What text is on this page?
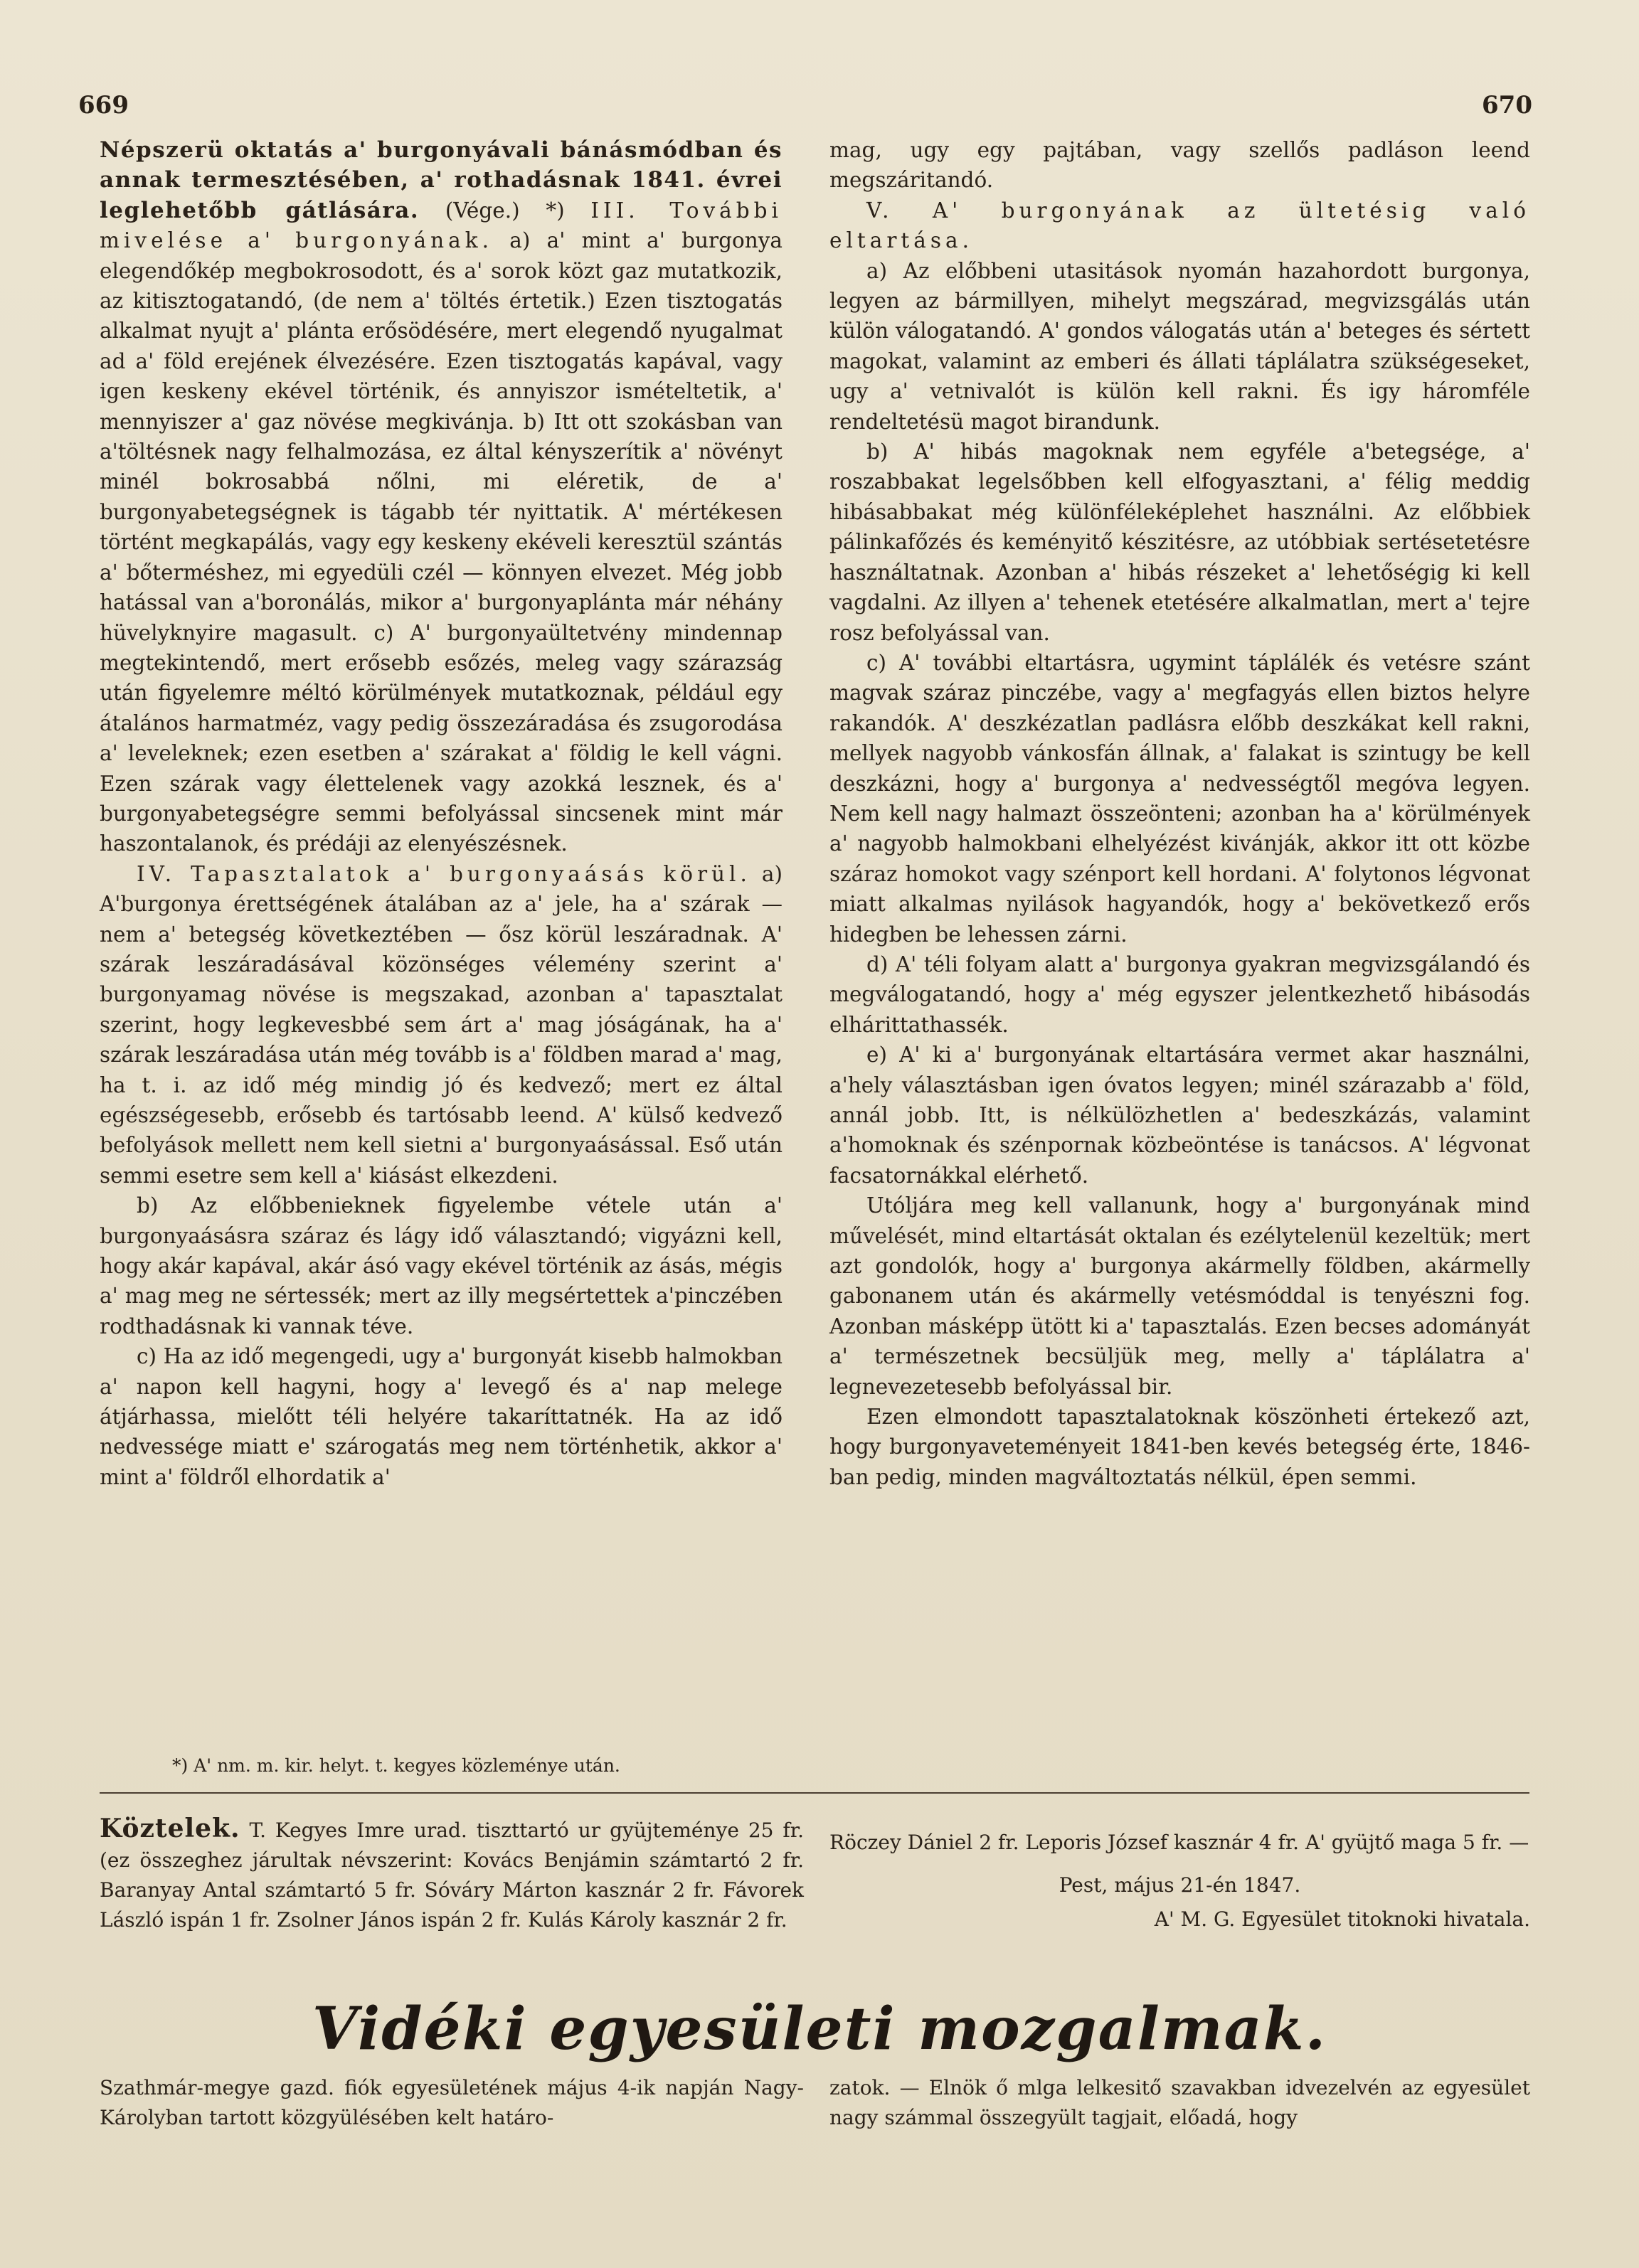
669	670

Népszerü oktatás a' burgonyávali bánásmódban és annak termesztésében, a' rothadásnak 1841. évrei leglehetőbb gátlására. (Vége.) *) III. További mivelése a' burgonyának. a) a' mint a' burgonya elegendőkép megbokrosodott, és a' sorok közt gaz mutatkozik, az kitisztogatandó, (de nem a' töltés értetik.) Ezen tisztogatás alkalmat nyujt a' plánta erősödésére, mert elegendő nyugalmat ad a' föld erejének élvezésére. Ezen tisztogatás kapával, vagy igen keskeny ekével történik, és annyiszor ismételtetik, a' mennyiszer a' gaz növése megkivánja. b) Itt ott szokásban van a'töltésnek nagy felhalmozása, ez által kényszerítik a' növényt minél bokrosabbá nőlni, mi eléretik, de a' burgonyabetegségnek is tágabb tér nyittatik. A' mértékesen történt megkapálás, vagy egy keskeny ekéveli keresztül szántás a' bőterméshez, mi egyedüli czél — könnyen elvezet. Még jobb hatással van a'boronálás, mikor a' burgonyaplánta már néhány hüvelyknyire magasult. c) A' burgonyaültetvény mindennap megtekintendő, mert erősebb esőzés, meleg vagy szárazság után figyelemre méltó körülmények mutatkoznak, például egy átalános harmatméz, vagy pedig összezáradása és zsugorodása a' leveleknek; ezen esetben a' szárakat a' földig le kell vágni. Ezen szárak vagy élettelenek vagy azokká lesznek, és a' burgonyabetegségre semmi befolyással sincsenek mint már haszontalanok, és prédáji az elenyészésnek.

IV. Tapasztalatok a' burgonyaásás körül. a) A'burgonya érettségének átalában az a' jele, ha a' szárak — nem a' betegség következtében — ősz körül leszáradnak. A' szárak leszáradásával közönséges vélemény szerint a' burgonyamag növése is megszakad, azonban a' tapasztalat szerint, hogy legkevesbbé sem árt a' mag jóságának, ha a' szárak leszáradása után még tovább is a' földben marad a' mag, ha t. i. az idő még mindig jó és kedvező; mert ez által egészségesebb, erősebb és tartósabb leend. A' külső kedvező befolyások mellett nem kell sietni a' burgonyaásással. Eső után semmi esetre sem kell a' kiásást elkezdeni.

b) Az előbbenieknek figyelembe vétele után a' burgonyaásásra száraz és lágy idő választandó; vigyázni kell, hogy akár kapával, akár ásó vagy ekével történik az ásás, mégis a' mag meg ne sértessék; mert az illy megsértettek a'pinczében rodthadásnak ki vannak téve.

c) Ha az idő megengedi, ugy a' burgonyát kisebb halmokban a' napon kell hagyni, hogy a' levegő és a' nap melege átjárhassa, mielőtt téli helyére takaríttatnék. Ha az idő nedvessége miatt e' szárogatás meg nem történhetik, akkor a' mint a' földről elhordatik a'

*) A' nm. m. kir. helyt. t. kegyes közleménye után.

mag, ugy egy pajtában, vagy szellős padláson leend megszáritandó.

V. A' burgonyának az ültetésig való eltartása.

a) Az előbbeni utasitások nyomán hazahordott burgonya, legyen az bármillyen, mihelyt megszárad, megvizsgálás után külön válogatandó. A' gondos válogatás után a' beteges és sértett magokat, valamint az emberi és állati táplálatra szükségeseket, ugy a' vetnivalót is külön kell rakni. És igy háromféle rendeltetésü magot birandunk.

b) A' hibás magoknak nem egyféle a'betegsége, a' roszabbakat legelsőbben kell elfogyasztani, a' félig meddig hibásabbakat még különféleképlehet használni. Az előbbiek pálinkafőzés és keményitő készitésre, az utóbbiak sertésetetésre használtatnak. Azonban a' hibás részeket a' lehetőségig ki kell vagdalni. Az illyen a' tehenek etetésére alkalmatlan, mert a' tejre rosz befolyással van.

c) A' további eltartásra, ugymint táplálék és vetésre szánt magvak száraz pinczébe, vagy a' megfagyás ellen biztos helyre rakandók. A' deszkézatlan padlásra előbb deszkákat kell rakni, mellyek nagyobb vánkosfán állnak, a' falakat is szintugy be kell deszkázni, hogy a' burgonya a' nedvességtől megóva legyen. Nem kell nagy halmazt összeönteni; azonban ha a' körülmények a' nagyobb halmokbani elhelyézést kivánják, akkor itt ott közbe száraz homokot vagy szénport kell hordani. A' folytonos légvonat miatt alkalmas nyilások hagyandók, hogy a' bekövetkező erős hidegben be lehessen zárni.

d) A' téli folyam alatt a' burgonya gyakran megvizsgálandó és megválogatandó, hogy a' még egyszer jelentkezhető hibásodás elhárittathassék.

e) A' ki a' burgonyának eltartására vermet akar használni, a'hely választásban igen óvatos legyen; minél szárazabb a' föld, annál jobb. Itt, is nélkülözhetlen a' bedeszkázás, valamint a'homoknak és szénpornak közbeöntése is tanácsos. A' légvonat facsatornákkal elérhető.

Utóljára meg kell vallanunk, hogy a' burgonyának mind művelését, mind eltartását oktalan és ezélytelenül kezeltük; mert azt gondolók, hogy a' burgonya akármelly földben, akármelly gabonanem után és akármelly vetésmóddal is tenyészni fog. Azonban másképp ütött ki a' tapasztalás. Ezen becses adományát a' természetnek becsüljük meg, melly a' táplálatra a' legnevezetesebb befolyással bir.

Ezen elmondott tapasztalatoknak köszönheti értekező azt, hogy burgonyaveteményeit 1841-ben kevés betegség érte, 1846-ban pedig, minden magváltoztatás nélkül, épen semmi.

Köztelek. T. Kegyes Imre urad. tiszttartó ur gyüjteménye 25 fr. (ez összeghez járultak névszerint: Kovács Benjámin számtartó 2 fr. Baranyay Antal számtartó 5 fr. Sóváry Márton kasznár 2 fr. Fávorek László ispán 1 fr. Zsolner János ispán 2 fr. Kulás Károly kasznár 2 fr.
Röczey Dániel 2 fr. Leporis József kasznár 4 fr. A' gyüjtő maga 5 fr. —
Pest, május 21-én 1847.
A' M. G. Egyesület titoknoki hivatala.
Vidéki egyesületi mozgalmak.
Szathmár-megye gazd. fiók egyesületének május 4-ik napján Nagy-Károlyban tartott közgyülésében kelt határo-
zatok. — Elnök ő mlga lelkesitő szavakban idvezelvén az egyesület nagy számmal összegyült tagjait, előadá, hogy
